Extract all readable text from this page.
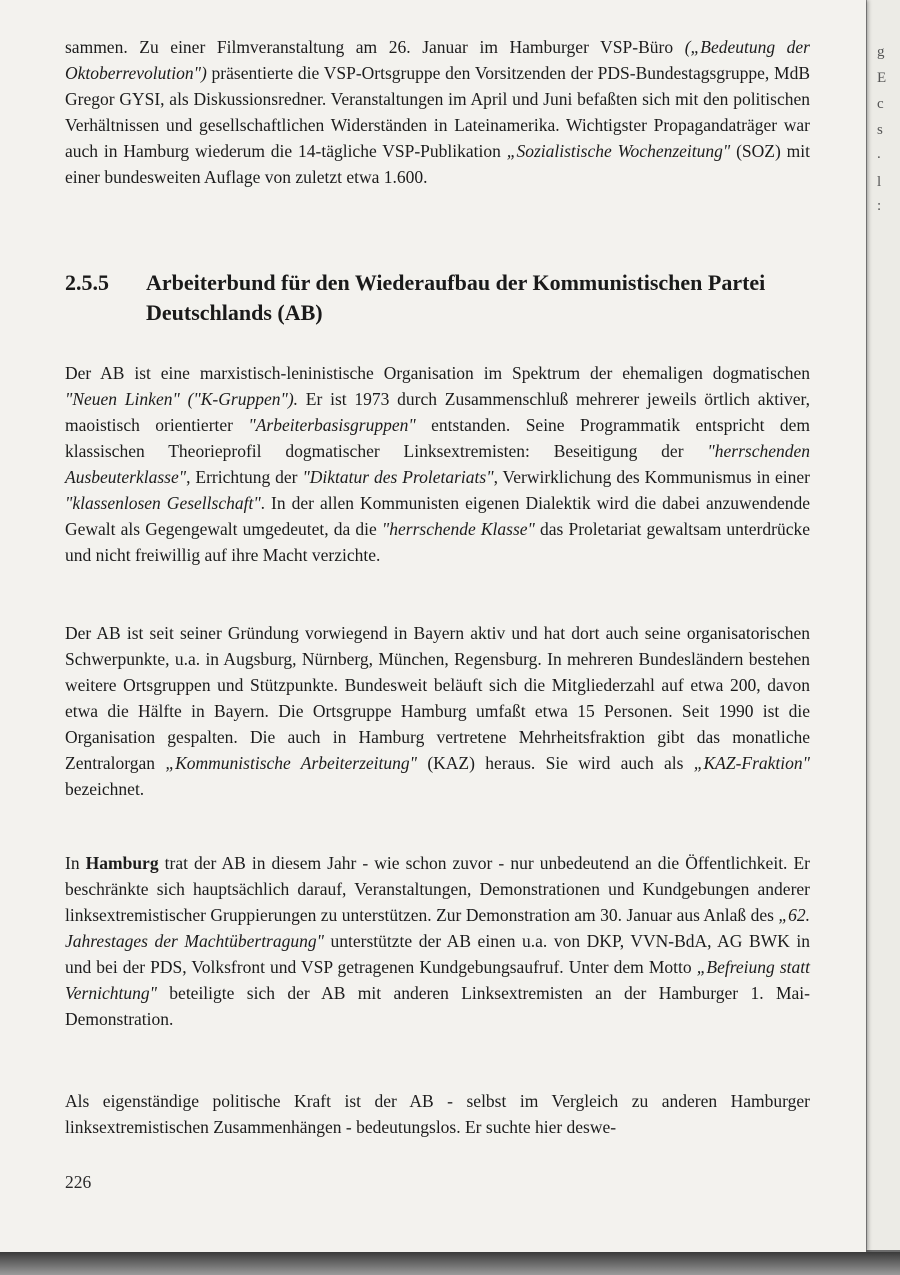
g
E
c
s
.
l
:
sammen. Zu einer Filmveranstaltung am 26. Januar im Hamburger VSP-Büro („Bedeutung der Oktoberrevolution") präsentierte die VSP-Ortsgruppe den Vorsitzenden der PDS-Bundestagsgruppe, MdB Gregor GYSI, als Diskussionsredner. Veranstaltungen im April und Juni befaßten sich mit den politischen Verhältnissen und gesellschaftlichen Widerständen in Lateinamerika. Wichtigster Propagandaträger war auch in Hamburg wiederum die 14-tägliche VSP-Publikation „Sozialistische Wochenzeitung" (SOZ) mit einer bundesweiten Auflage von zuletzt etwa 1.600.
2.5.5 Arbeiterbund für den Wiederaufbau der Kommunistischen Partei Deutschlands (AB)
Der AB ist eine marxistisch-leninistische Organisation im Spektrum der ehemaligen dogmatischen "Neuen Linken" ("K-Gruppen"). Er ist 1973 durch Zusammenschluß mehrerer jeweils örtlich aktiver, maoistisch orientierter "Arbeiterbasisgruppen" entstanden. Seine Programmatik entspricht dem klassischen Theorieprofil dogmatischer Linksextremisten: Beseitigung der "herrschenden Ausbeuterklasse", Errichtung der "Diktatur des Proletariats", Verwirklichung des Kommunismus in einer "klassenlosen Gesellschaft". In der allen Kommunisten eigenen Dialektik wird die dabei anzuwendende Gewalt als Gegengewalt umgedeutet, da die "herrschende Klasse" das Proletariat gewaltsam unterdrücke und nicht freiwillig auf ihre Macht verzichte.
Der AB ist seit seiner Gründung vorwiegend in Bayern aktiv und hat dort auch seine organisatorischen Schwerpunkte, u.a. in Augsburg, Nürnberg, München, Regensburg. In mehreren Bundesländern bestehen weitere Ortsgruppen und Stützpunkte. Bundesweit beläuft sich die Mitgliederzahl auf etwa 200, davon etwa die Hälfte in Bayern. Die Ortsgruppe Hamburg umfaßt etwa 15 Personen. Seit 1990 ist die Organisation gespalten. Die auch in Hamburg vertretene Mehrheitsfraktion gibt das monatliche Zentralorgan „Kommunistische Arbeiterzeitung" (KAZ) heraus. Sie wird auch als „KAZ-Fraktion" bezeichnet.
In Hamburg trat der AB in diesem Jahr - wie schon zuvor - nur unbedeutend an die Öffentlichkeit. Er beschränkte sich hauptsächlich darauf, Veranstaltungen, Demonstrationen und Kundgebungen anderer linksextremistischer Gruppierungen zu unterstützen. Zur Demonstration am 30. Januar aus Anlaß des „62. Jahrestages der Machtübertragung" unterstützte der AB einen u.a. von DKP, VVN-BdA, AG BWK in und bei der PDS, Volksfront und VSP getragenen Kundgebungsaufruf. Unter dem Motto „Befreiung statt Vernichtung" beteiligte sich der AB mit anderen Linksextremisten an der Hamburger 1. Mai-Demonstration.
Als eigenständige politische Kraft ist der AB - selbst im Vergleich zu anderen Hamburger linksextremistischen Zusammenhängen - bedeutungslos. Er suchte hier deswe-
226
